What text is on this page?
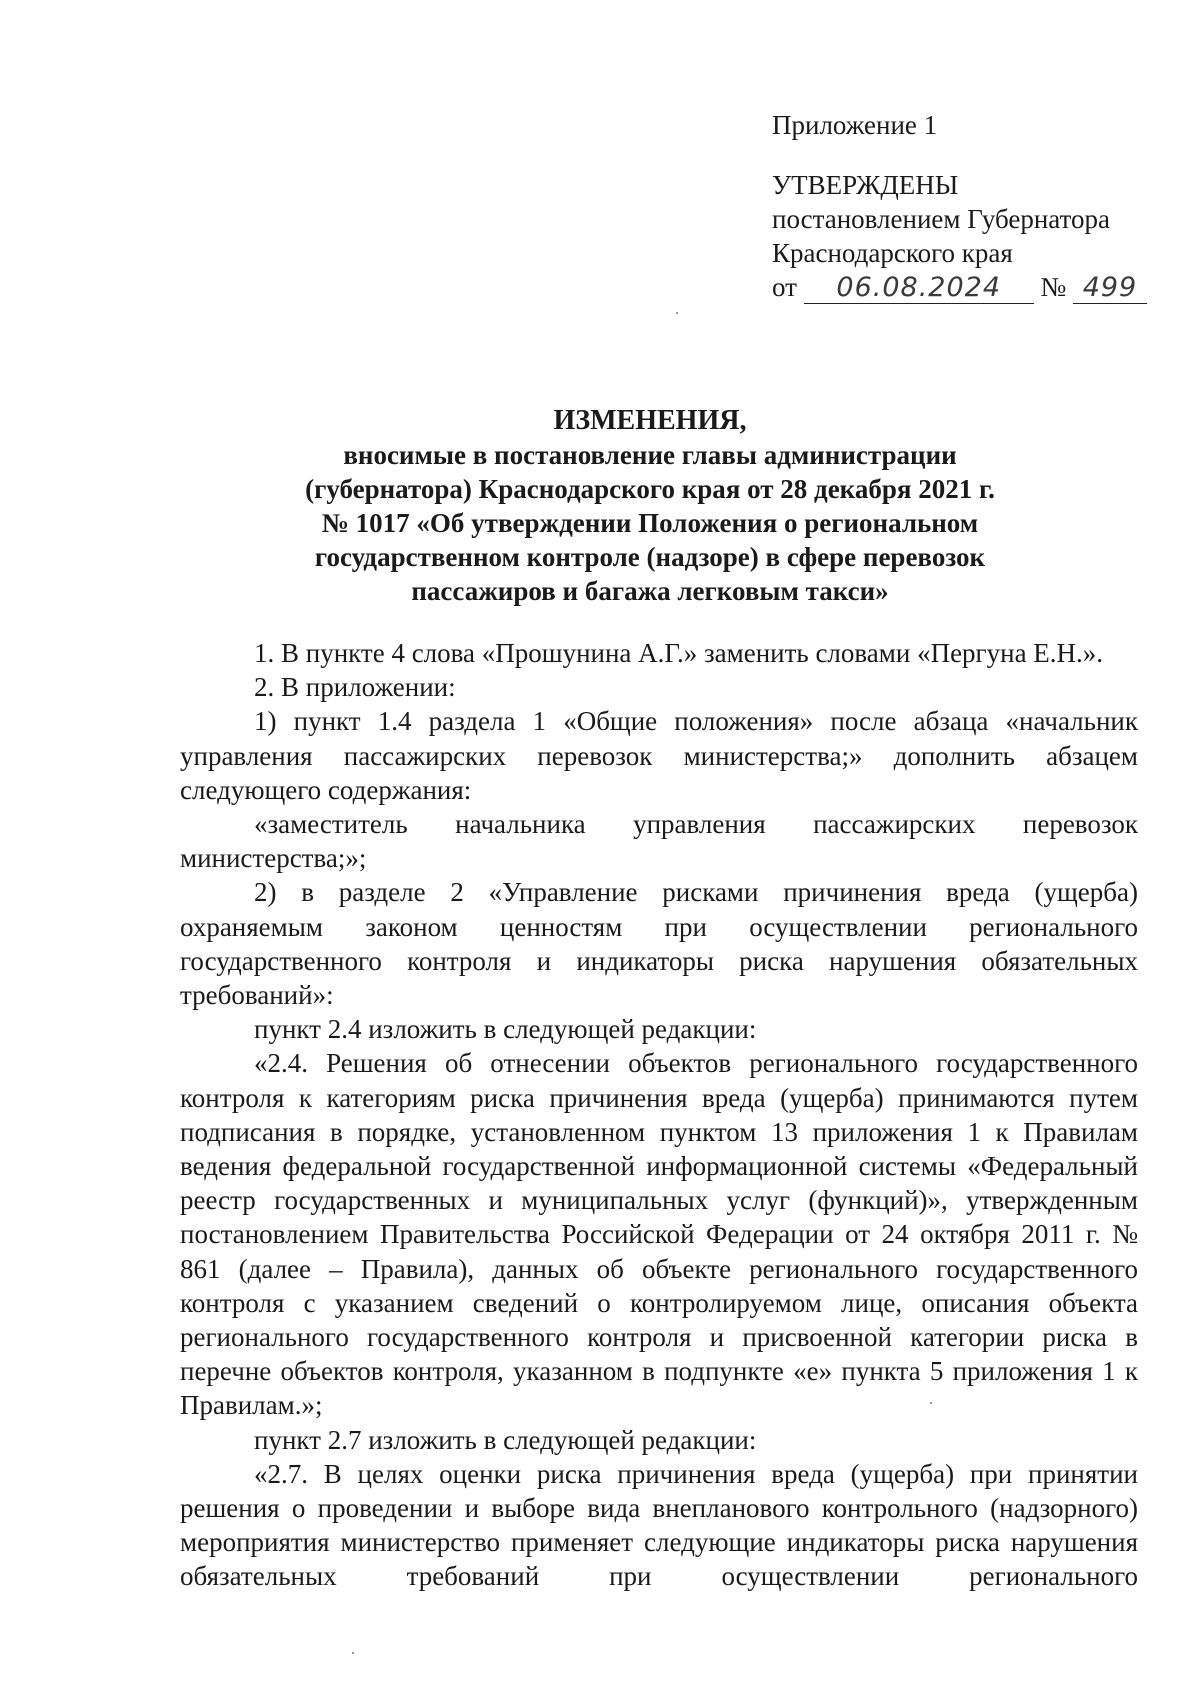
Приложение 1
УТВЕРЖДЕНЫ
постановлением Губернатора
Краснодарского края
от 06.08.2024 № 499
ИЗМЕНЕНИЯ,
вносимые в постановление главы администрации
(губернатора) Краснодарского края от 28 декабря 2021 г.
№ 1017 «Об утверждении Положения о региональном
государственном контроле (надзоре) в сфере перевозок
пассажиров и багажа легковым такси»

1. В пункте 4 слова «Прошунина А.Г.» заменить словами «Пергуна Е.Н.».

2. В приложении:

1) пункт 1.4 раздела 1 «Общие положения» после абзаца «начальник управления пассажирских перевозок министерства;» дополнить абзацем следующего содержания:

«заместитель начальника управления пассажирских перевозок министерства;»;

2) в разделе 2 «Управление рисками причинения вреда (ущерба) охраняемым законом ценностям при осуществлении регионального государственного контроля и индикаторы риска нарушения обязательных требований»:

пункт 2.4 изложить в следующей редакции:

«2.4. Решения об отнесении объектов регионального государственного контроля к категориям риска причинения вреда (ущерба) принимаются путем подписания в порядке, установленном пунктом 13 приложения 1 к Правилам ведения федеральной государственной информационной системы «Федеральный реестр государственных и муниципальных услуг (функций)», утвержденным постановлением Правительства Российской Федерации от 24 октября 2011 г. № 861 (далее – Правила), данных об объекте регионального государственного контроля с указанием сведений о контролируемом лице, описания объекта регионального государственного контроля и присвоенной категории риска в перечне объектов контроля, указанном в подпункте «е» пункта 5 приложения 1 к Правилам.»;

пункт 2.7 изложить в следующей редакции:

«2.7. В целях оценки риска причинения вреда (ущерба) при принятии решения о проведении и выборе вида внепланового контрольного (надзорного) мероприятия министерство применяет следующие индикаторы риска нарушения обязательных требований при осуществлении регионального
